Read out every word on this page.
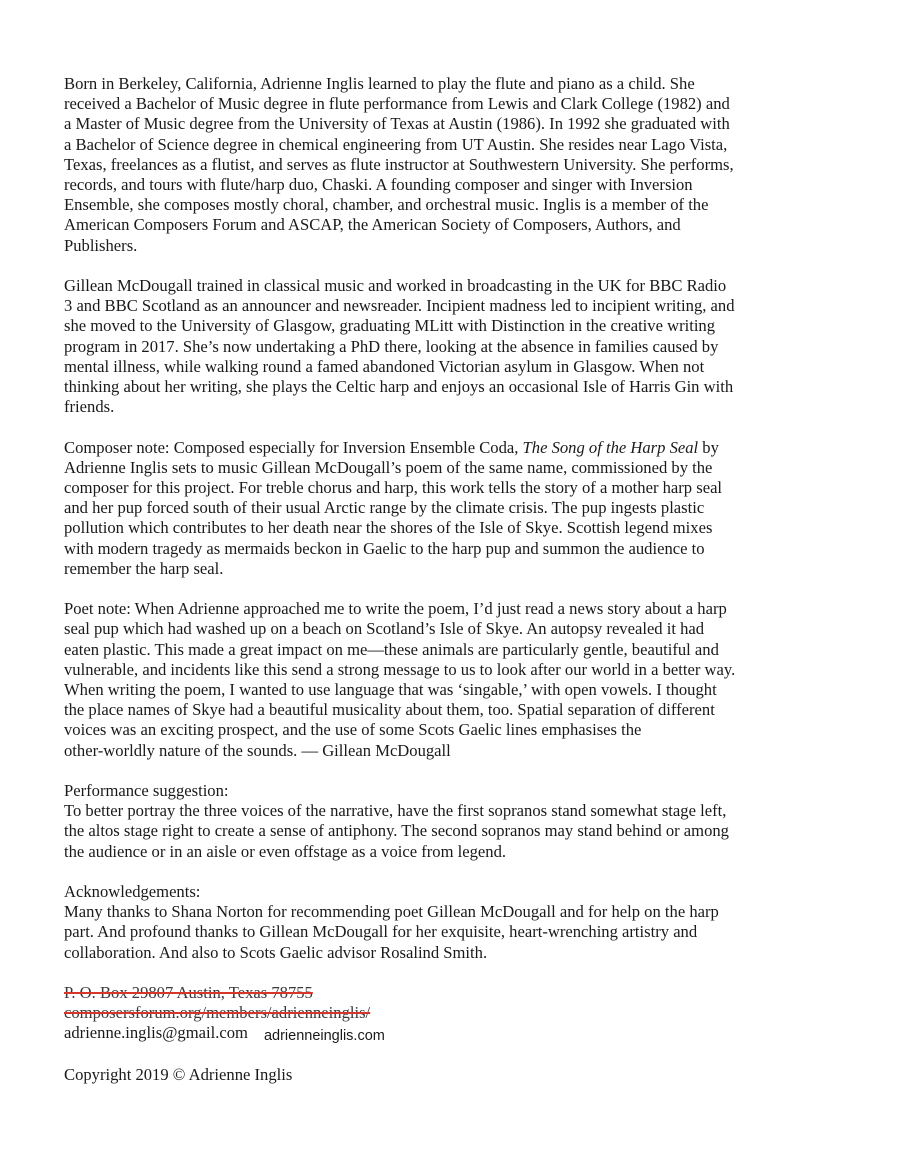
Born in Berkeley, California, Adrienne Inglis learned to play the flute and piano as a child. She
received a Bachelor of Music degree in flute performance from Lewis and Clark College (1982) and
a Master of Music degree from the University of Texas at Austin (1986). In 1992 she graduated with
a Bachelor of Science degree in chemical engineering from UT Austin. She resides near Lago Vista,
Texas, freelances as a flutist, and serves as flute instructor at Southwestern University. She performs,
records, and tours with flute/harp duo, Chaski. A founding composer and singer with Inversion
Ensemble, she composes mostly choral, chamber, and orchestral music. Inglis is a member of the
American Composers Forum and ASCAP, the American Society of Composers, Authors, and
Publishers.

Gillean McDougall trained in classical music and worked in broadcasting in the UK for BBC Radio
3 and BBC Scotland as an announcer and newsreader. Incipient madness led to incipient writing, and
she moved to the University of Glasgow, graduating MLitt with Distinction in the creative writing
program in 2017. She’s now undertaking a PhD there, looking at the absence in families caused by
mental illness, while walking round a famed abandoned Victorian asylum in Glasgow. When not
thinking about her writing, she plays the Celtic harp and enjoys an occasional Isle of Harris Gin with
friends.

Composer note: Composed especially for Inversion Ensemble Coda, The Song of the Harp Seal by
Adrienne Inglis sets to music Gillean McDougall’s poem of the same name, commissioned by the
composer for this project. For treble chorus and harp, this work tells the story of a mother harp seal
and her pup forced south of their usual Arctic range by the climate crisis. The pup ingests plastic
pollution which contributes to her death near the shores of the Isle of Skye. Scottish legend mixes
with modern tragedy as mermaids beckon in Gaelic to the harp pup and summon the audience to
remember the harp seal.

Poet note: When Adrienne approached me to write the poem, I’d just read a news story about a harp
seal pup which had washed up on a beach on Scotland’s Isle of Skye. An autopsy revealed it had
eaten plastic. This made a great impact on me—these animals are particularly gentle, beautiful and
vulnerable, and incidents like this send a strong message to us to look after our world in a better way.
When writing the poem, I wanted to use language that was ‘singable,’ with open vowels. I thought
the place names of Skye had a beautiful musicality about them, too. Spatial separation of different
voices was an exciting prospect, and the use of some Scots Gaelic lines emphasises the
other-worldly nature of the sounds. — Gillean McDougall

Performance suggestion:
To better portray the three voices of the narrative, have the first sopranos stand somewhat stage left,
the altos stage right to create a sense of antiphony. The second sopranos may stand behind or among
the audience or in an aisle or even offstage as a voice from legend.

Acknowledgements:
Many thanks to Shana Norton for recommending poet Gillean McDougall and for help on the harp
part. And profound thanks to Gillean McDougall for her exquisite, heart-wrenching artistry and
collaboration. And also to Scots Gaelic advisor Rosalind Smith.

P. O. Box 29807 Austin, Texas 78755
composersforum.org/members/adrienneinglis/
adrienne.inglis@gmail.com adrienneinglis.com

Copyright 2019 © Adrienne Inglis
